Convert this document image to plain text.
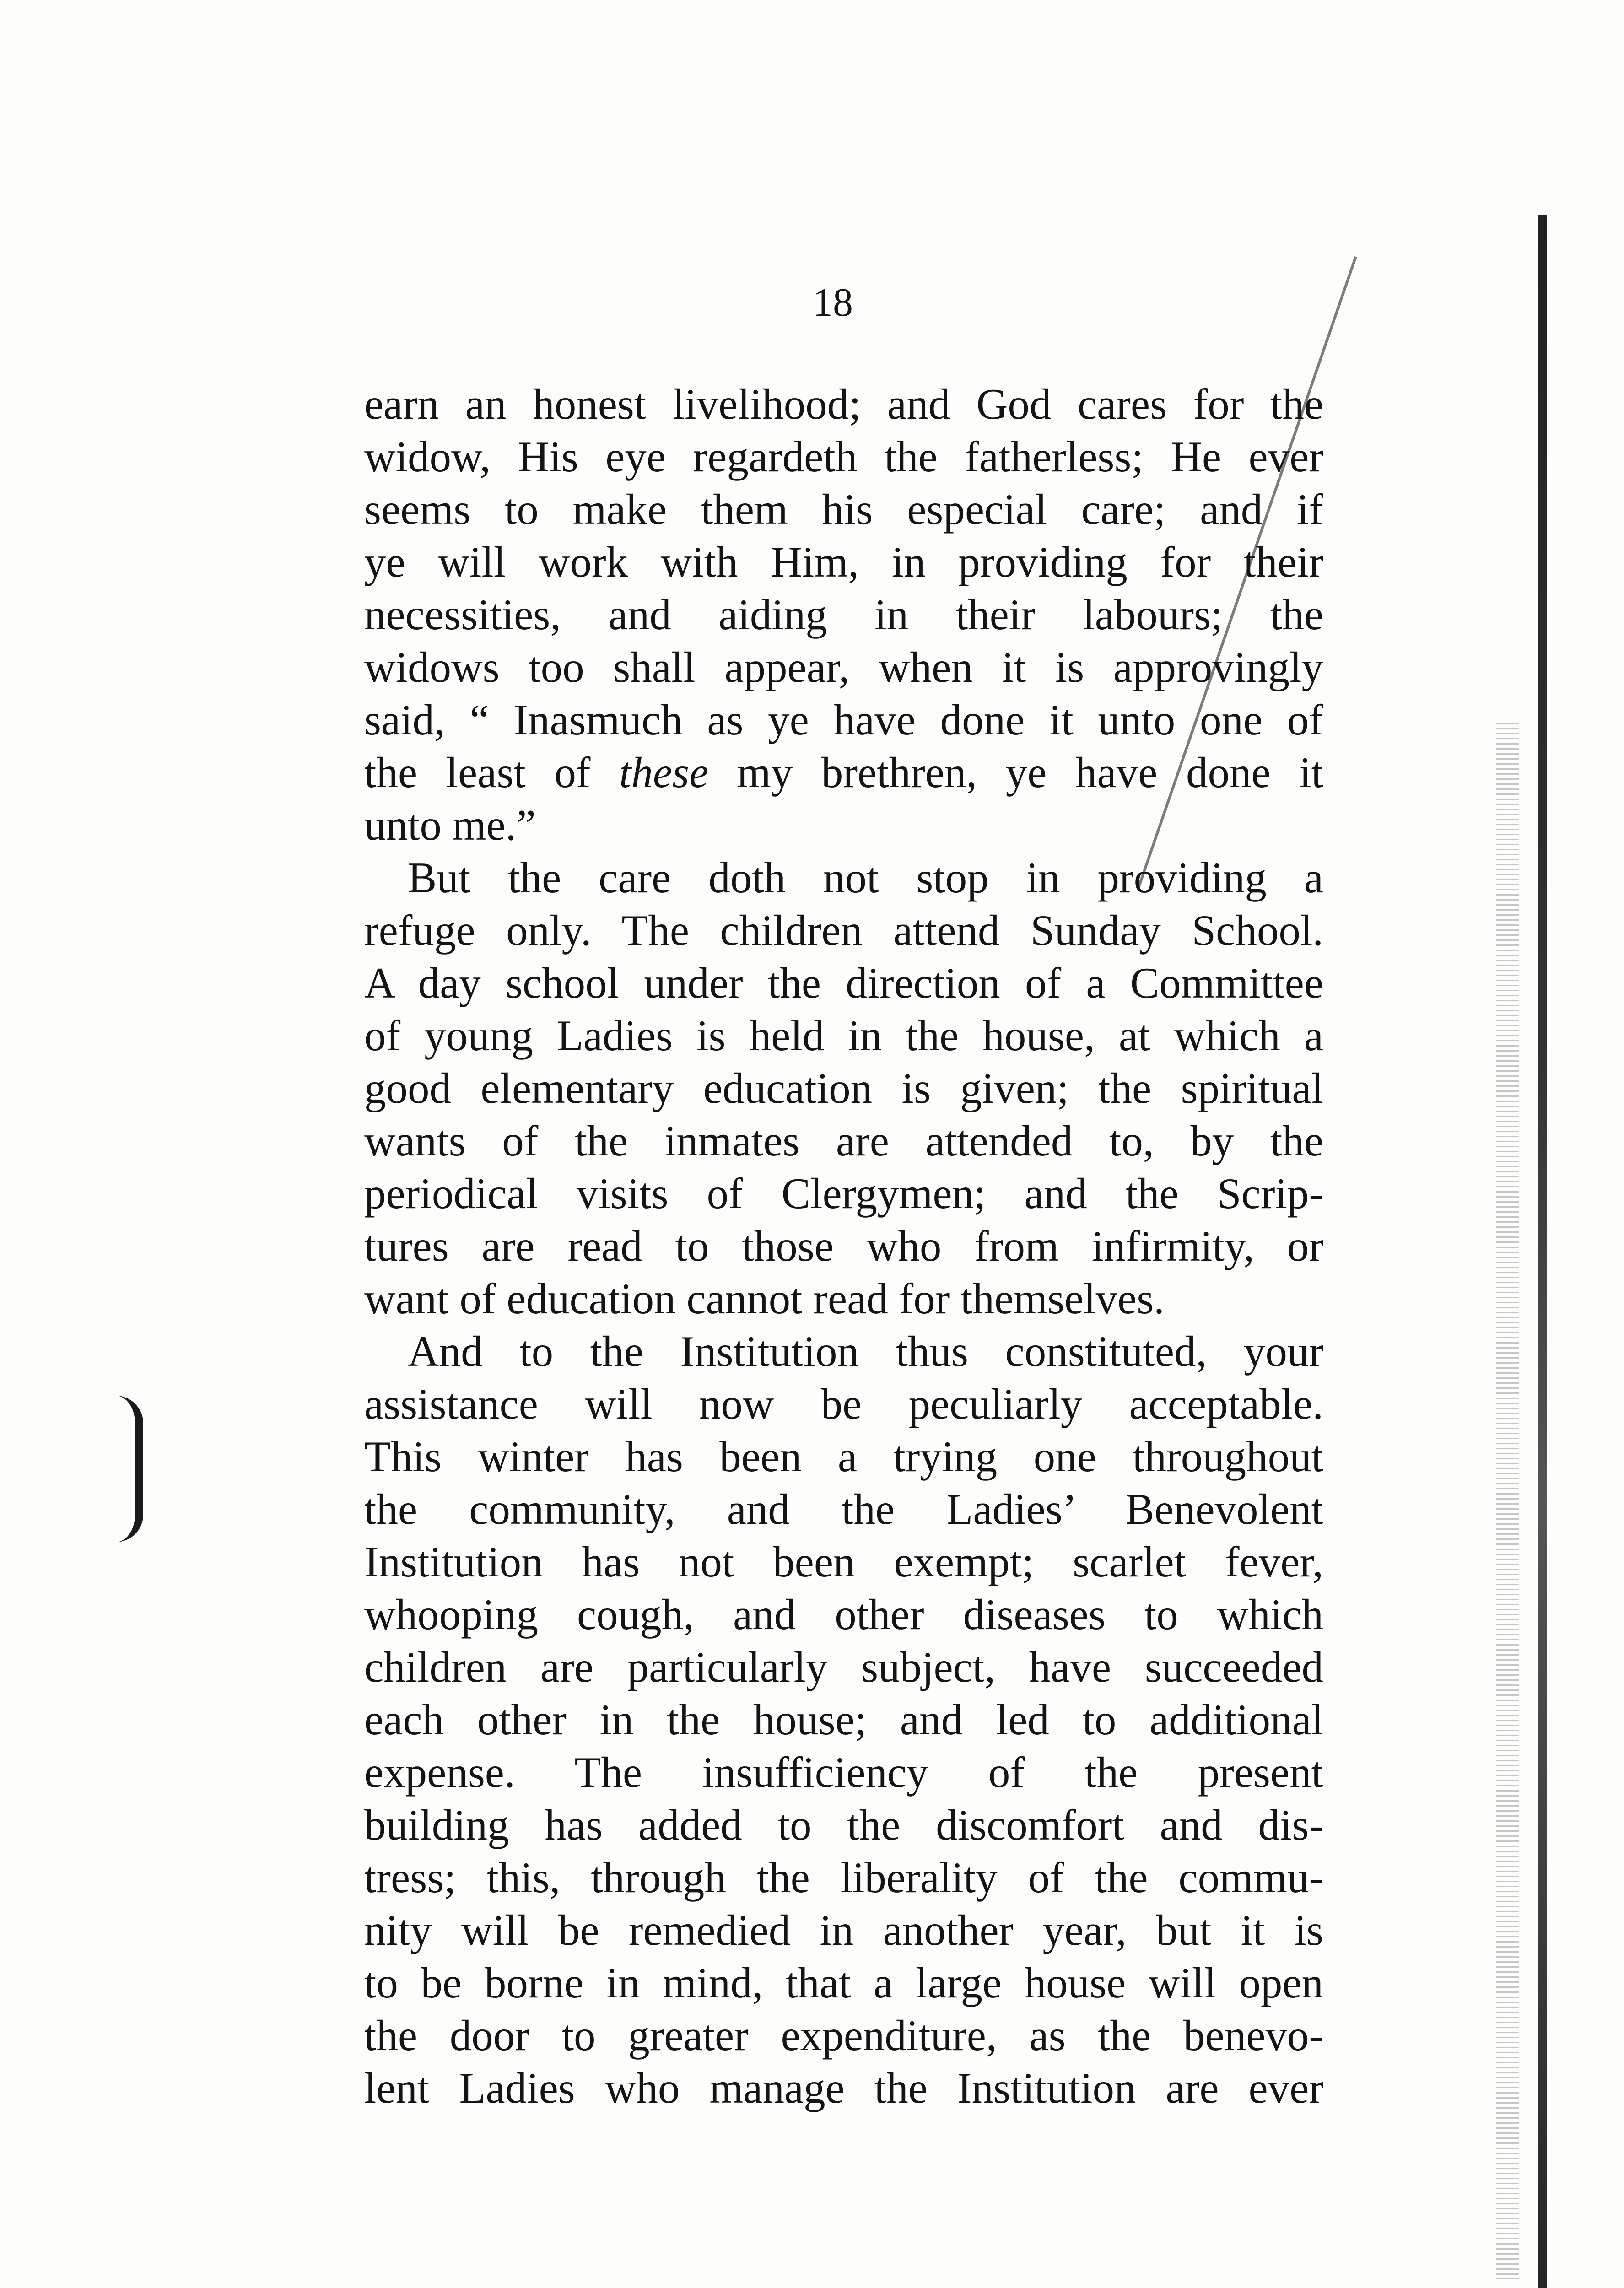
18
earn an honest livelihood; and God cares for the
widow, His eye regardeth the fatherless; He ever
seems to make them his especial care; and if
ye will work with Him, in providing for their
necessities, and aiding in their labours; the
widows too shall appear, when it is approvingly
said, “ Inasmuch as ye have done it unto one of
the least of these my brethren, ye have done it
unto me.”
But the care doth not stop in providing a
refuge only. The children attend Sunday School.
A day school under the direction of a Committee
of young Ladies is held in the house, at which a
good elementary education is given; the spiritual
wants of the inmates are attended to, by the
periodical visits of Clergymen; and the Scrip-
tures are read to those who from infirmity, or
want of education cannot read for themselves.
And to the Institution thus constituted, your
assistance will now be peculiarly acceptable.
This winter has been a trying one throughout
the community, and the Ladies’ Benevolent
Institution has not been exempt; scarlet fever,
whooping cough, and other diseases to which
children are particularly subject, have succeeded
each other in the house; and led to additional
expense. The insufficiency of the present
building has added to the discomfort and dis-
tress; this, through the liberality of the commu-
nity will be remedied in another year, but it is
to be borne in mind, that a large house will open
the door to greater expenditure, as the benevo-
lent Ladies who manage the Institution are ever
